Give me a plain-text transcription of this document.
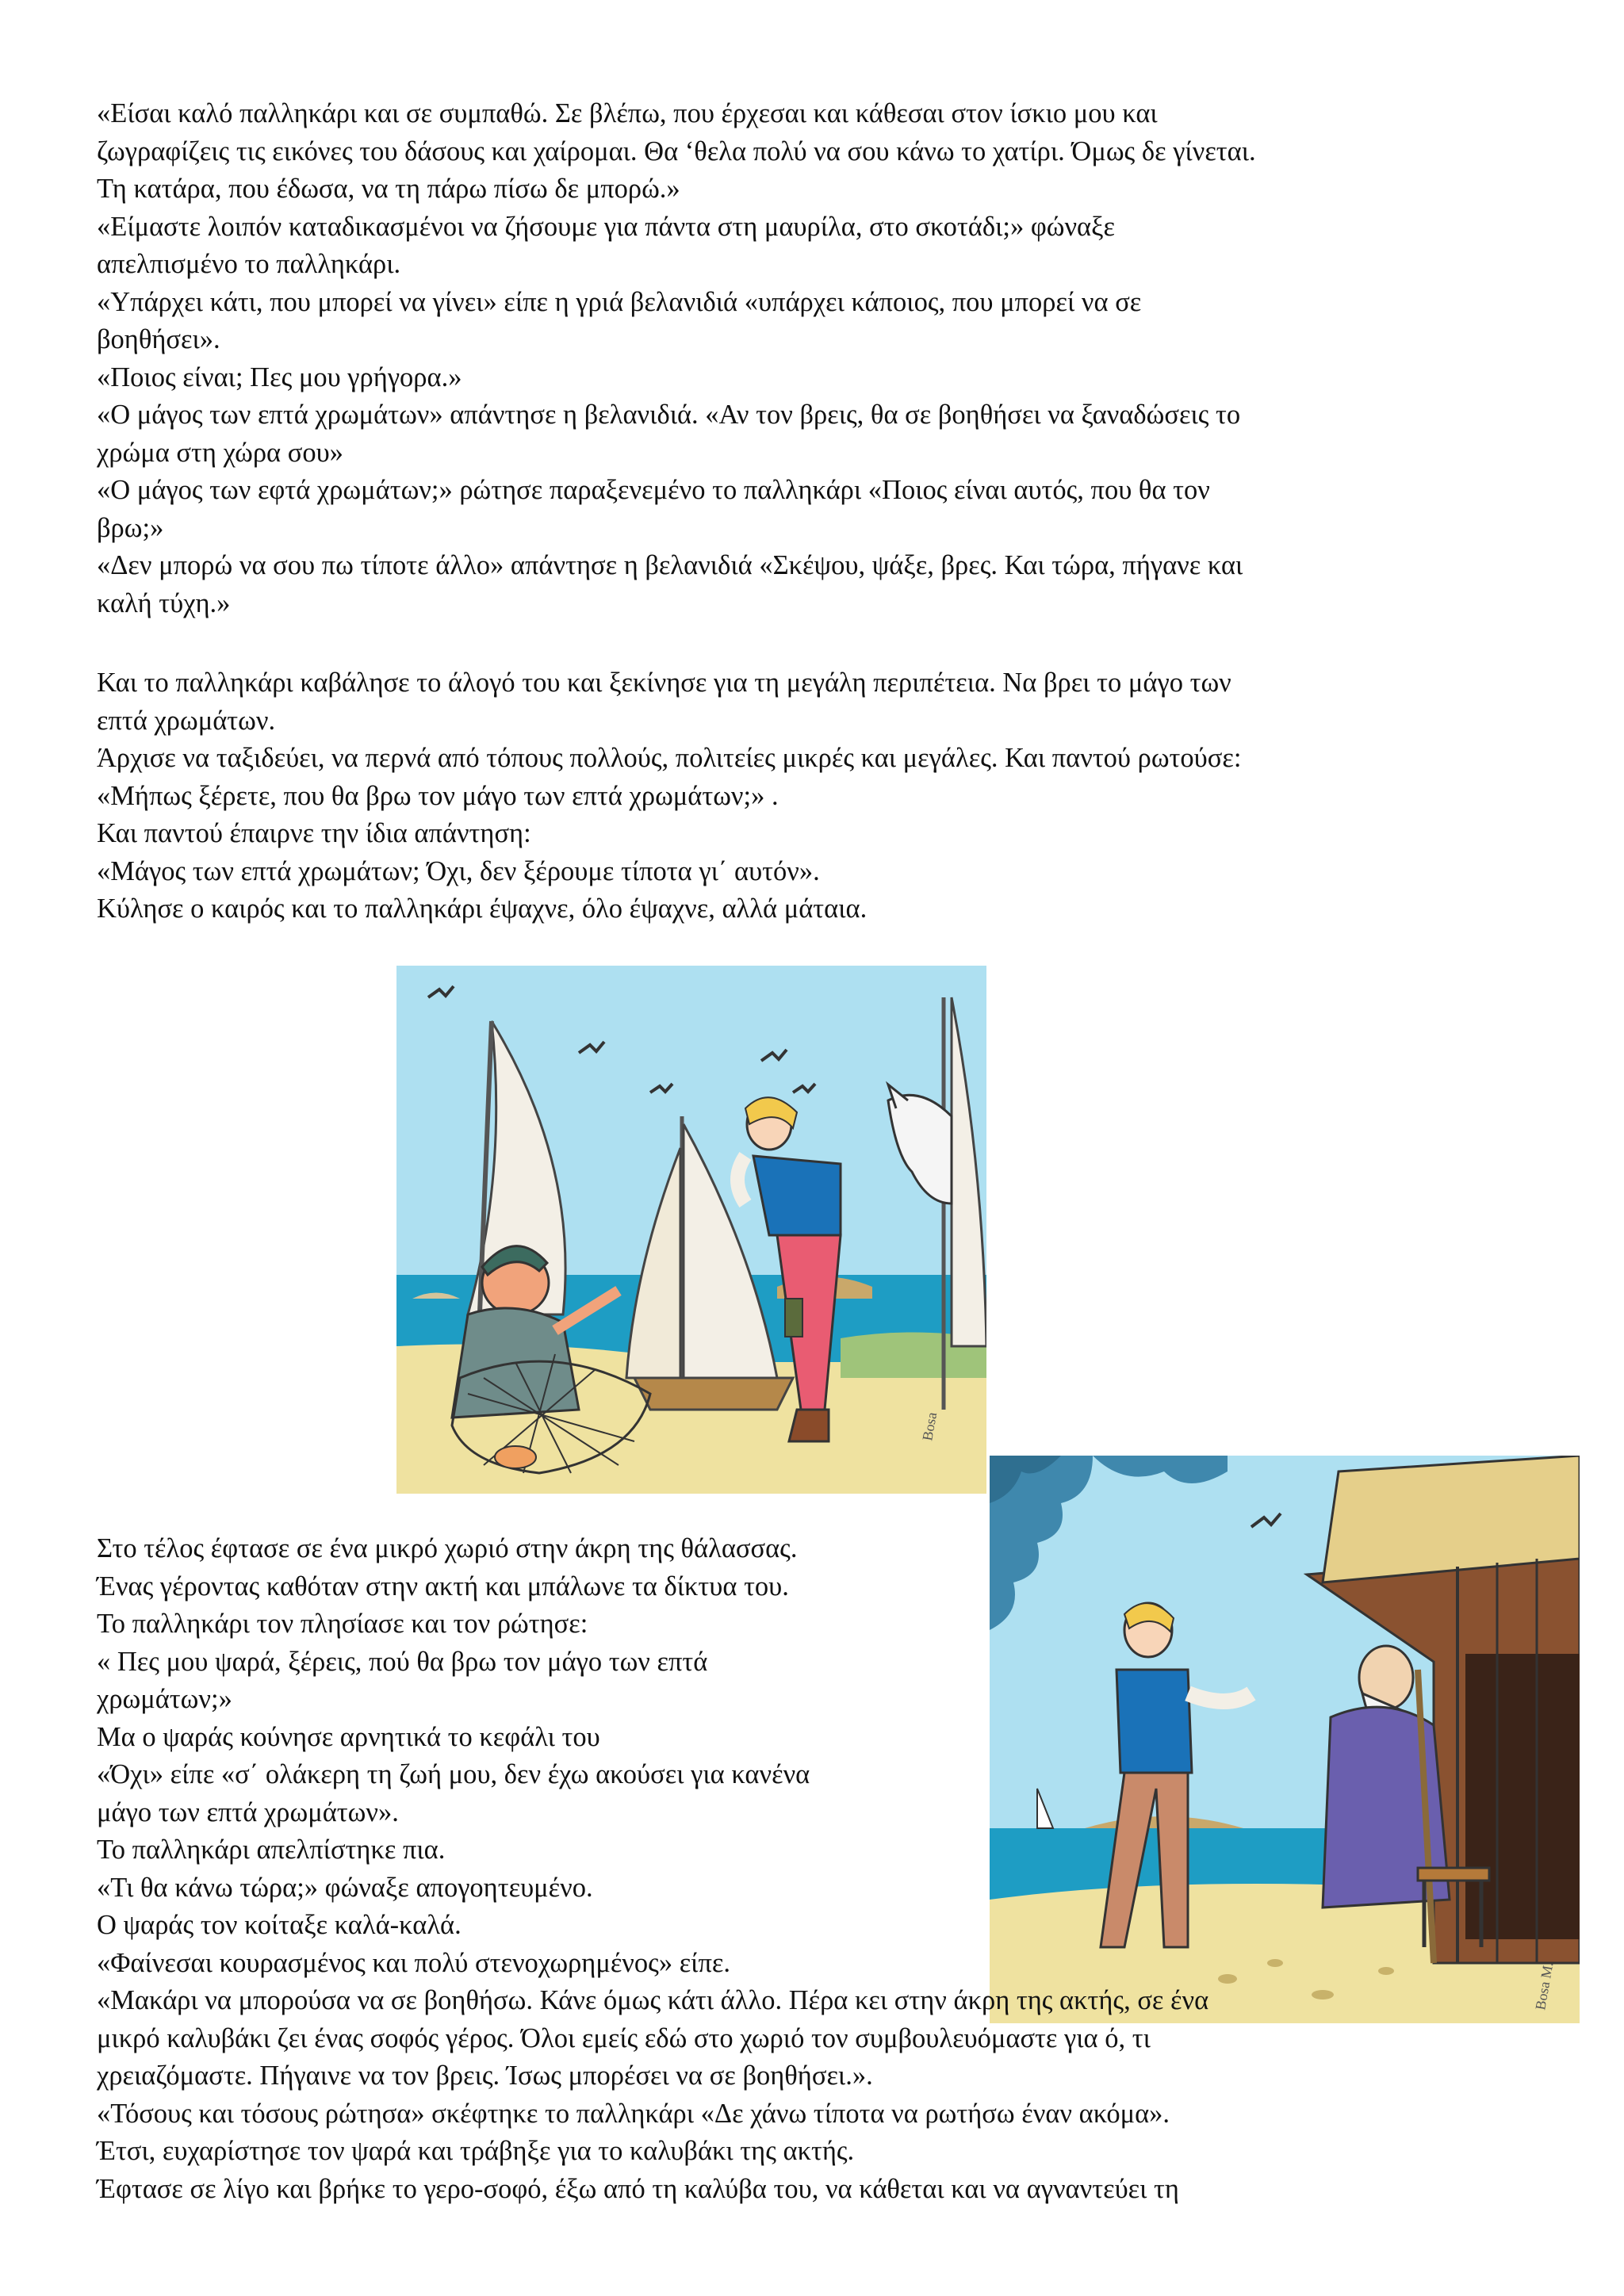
«Είσαι καλό παλληκάρι και σε συμπαθώ. Σε βλέπω, που έρχεσαι και κάθεσαι στον ίσκιο μου και

ζωγραφίζεις τις εικόνες του δάσους και χαίρομαι. Θα ‘θελα πολύ να σου κάνω το χατίρι. Όμως δε γίνεται.

Τη κατάρα, που έδωσα, να τη πάρω πίσω δε μπορώ.»

«Είμαστε λοιπόν καταδικασμένοι να ζήσουμε για πάντα στη μαυρίλα, στο σκοτάδι;» φώναξε

απελπισμένο το παλληκάρι.

«Υπάρχει κάτι, που μπορεί να γίνει» είπε η γριά βελανιδιά «υπάρχει κάποιος, που μπορεί να σε

βοηθήσει».

«Ποιος είναι; Πες μου γρήγορα.»

«Ο μάγος των επτά χρωμάτων» απάντησε η βελανιδιά. «Αν τον βρεις, θα σε βοηθήσει να ξαναδώσεις το

χρώμα στη χώρα σου»

«Ο μάγος των εφτά χρωμάτων;» ρώτησε παραξενεμένο το παλληκάρι «Ποιος είναι αυτός, που θα τον

βρω;»

«Δεν μπορώ να σου πω τίποτε άλλο» απάντησε η βελανιδιά «Σκέψου, ψάξε, βρες. Και τώρα, πήγανε και

καλή τύχη.»

Και το παλληκάρι καβάλησε το άλογό του και ξεκίνησε για τη μεγάλη περιπέτεια. Να βρει το μάγο των

επτά χρωμάτων.

Άρχισε να ταξιδεύει, να περνά από τόπους πολλούς, πολιτείες μικρές και μεγάλες. Και παντού ρωτούσε:

«Μήπως ξέρετε, που θα βρω τον μάγο των επτά χρωμάτων;» .

Και παντού έπαιρνε την ίδια απάντηση:

«Μάγος των επτά χρωμάτων; Όχι, δεν ξέρουμε τίποτα γι΄ αυτόν».

Κύλησε ο καιρός και το παλληκάρι έψαχνε, όλο έψαχνε, αλλά μάταια.

Bosa
Bosa M.

Στο τέλος έφτασε σε ένα μικρό χωριό στην άκρη της θάλασσας.

Ένας γέροντας καθόταν στην ακτή και μπάλωνε τα δίκτυα του.

Το παλληκάρι τον πλησίασε και τον ρώτησε:

« Πες μου ψαρά, ξέρεις, πού θα βρω τον μάγο των επτά

χρωμάτων;»

Μα ο ψαράς κούνησε αρνητικά το κεφάλι του

«Όχι» είπε «σ΄ ολάκερη τη ζωή μου, δεν έχω ακούσει για κανένα

μάγο των επτά χρωμάτων».

Το παλληκάρι απελπίστηκε πια.

«Τι θα κάνω τώρα;» φώναξε απογοητευμένο.

Ο ψαράς τον κοίταξε καλά-καλά.

«Φαίνεσαι κουρασμένος και πολύ στενοχωρημένος» είπε.

«Μακάρι να μπορούσα να σε βοηθήσω. Κάνε όμως κάτι άλλο. Πέρα κει στην άκρη της ακτής, σε ένα

μικρό καλυβάκι ζει ένας σοφός γέρος. Όλοι εμείς εδώ στο χωριό τον συμβουλευόμαστε για ό, τι

χρειαζόμαστε. Πήγαινε να τον βρεις. Ίσως μπορέσει να σε βοηθήσει.».

«Τόσους και τόσους ρώτησα» σκέφτηκε το παλληκάρι «Δε χάνω τίποτα να ρωτήσω έναν ακόμα».

Έτσι, ευχαρίστησε τον ψαρά και τράβηξε για το καλυβάκι της ακτής.

Έφτασε σε λίγο και βρήκε το γερο-σοφό, έξω από τη καλύβα του, να κάθεται και να αγναντεύει τη
